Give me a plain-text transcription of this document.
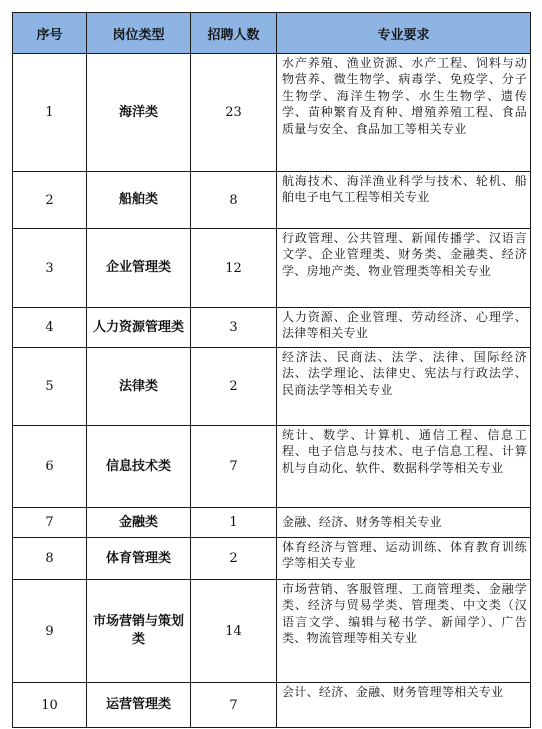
序号	岗位类型	招聘人数	专业要求
1	海洋类	23	水产养殖、渔业资源、水产工程、饲料与动物营养、微生物学、病毒学、免疫学、分子生物学、海洋生物学、水生生物学、遗传学、苗种繁育及育种、增殖养殖工程、食品质量与安全、食品加工等相关专业
2	船舶类	8	航海技术、海洋渔业科学与技术、轮机、船舶电子电气工程等相关专业
3	企业管理类	12	行政管理、公共管理、新闻传播学、汉语言文学、企业管理类、财务类、金融类、经济学、房地产类、物业管理类等相关专业
4	人力资源管理类	3	人力资源、企业管理、劳动经济、心理学、法律等相关专业
5	法律类	2	经济法、民商法、法学、法律、国际经济法、法学理论、法律史、宪法与行政法学、民商法学等相关专业
6	信息技术类	7	统计、数学、计算机、通信工程、信息工程、电子信息与技术、电子信息工程、计算机与自动化、软件、数据科学等相关专业
7	金融类	1	金融、经济、财务等相关专业
8	体育管理类	2	体育经济与管理、运动训练、体育教育训练学等相关专业
9	市场营销与策划类	14	市场营销、客服管理、工商管理类、金融学类、经济与贸易学类、管理类、中文类（汉语言文学、编辑与秘书学、新闻学）、广告类、物流管理等相关专业
10	运营管理类	7	会计、经济、金融、财务管理等相关专业
